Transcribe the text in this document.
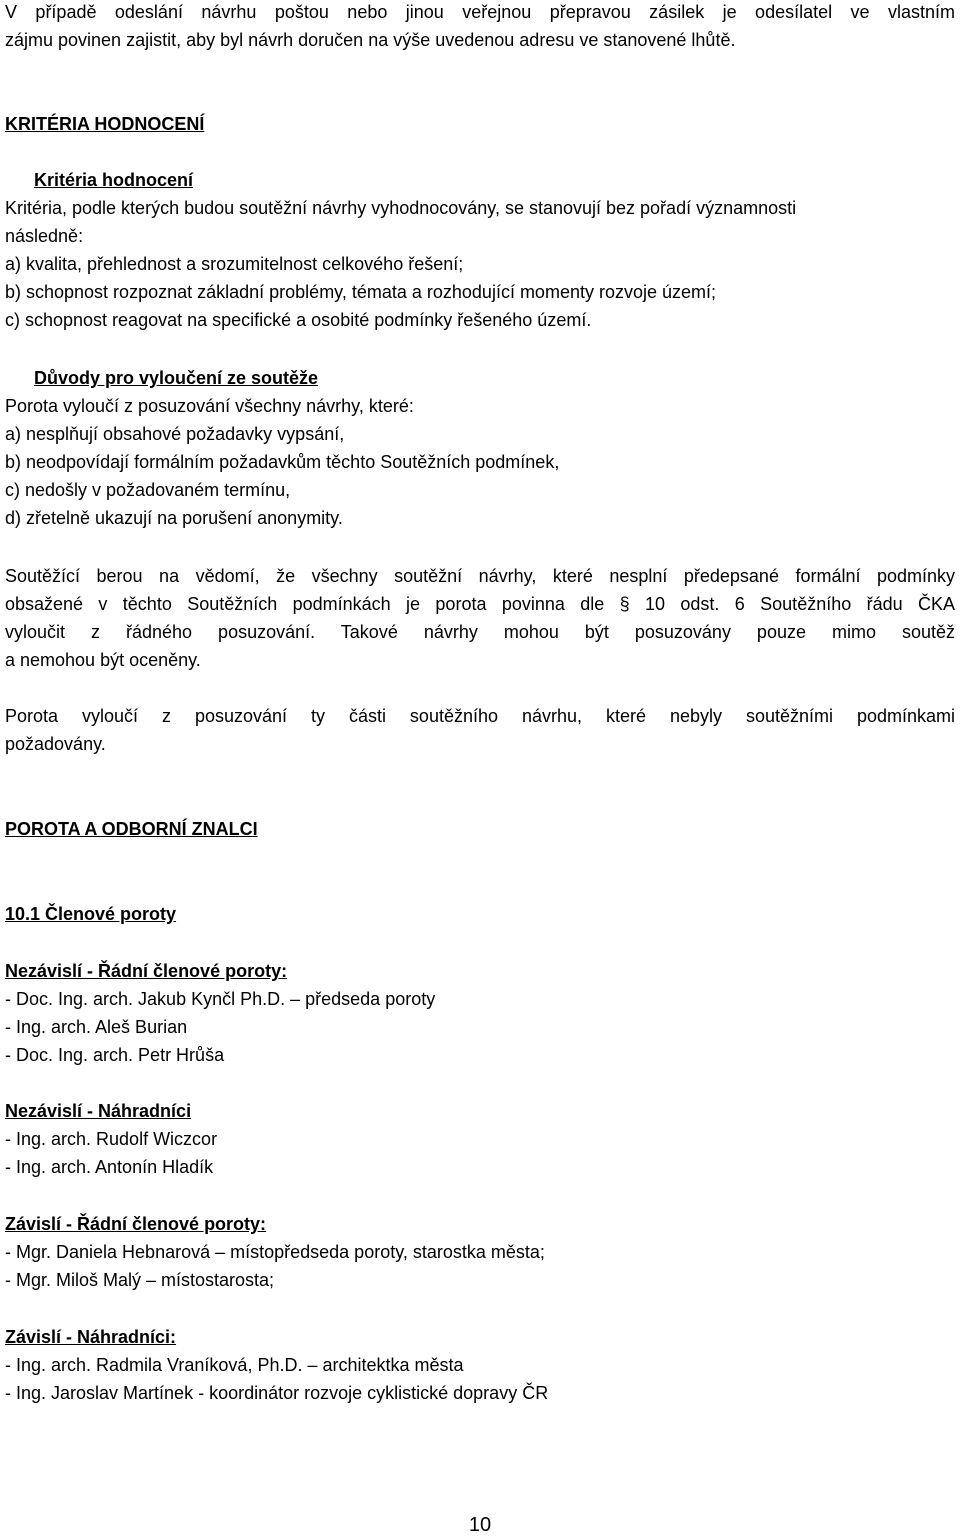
V případě odeslání návrhu poštou nebo jinou veřejnou přepravou zásilek je odesílatel ve vlastním
zájmu povinen zajistit, aby byl návrh doručen na výše uvedenou adresu ve stanovené lhůtě.
KRITÉRIA HODNOCENÍ
Kritéria hodnocení
Kritéria, podle kterých budou soutěžní návrhy vyhodnocovány, se stanovují bez pořadí významnosti
následně:
a) kvalita, přehlednost a srozumitelnost celkového řešení;
b) schopnost rozpoznat základní problémy, témata a rozhodující momenty rozvoje území;
c) schopnost reagovat na specifické a osobité podmínky řešeného území.
Důvody pro vyloučení ze soutěže
Porota vyloučí z posuzování všechny návrhy, které:
a) nesplňují obsahové požadavky vypsání,
b) neodpovídají formálním požadavkům těchto Soutěžních podmínek,
c) nedošly v požadovaném termínu,
d) zřetelně ukazují na porušení anonymity.
Soutěžící berou na vědomí, že všechny soutěžní návrhy, které nesplní předepsané formální podmínky
obsažené v těchto Soutěžních podmínkách je porota povinna dle § 10 odst. 6 Soutěžního řádu ČKA
vyloučit z řádného posuzování. Takové návrhy mohou být posuzovány pouze mimo soutěž
a nemohou být oceněny.
Porota vyloučí z posuzování ty části soutěžního návrhu, které nebyly soutěžními podmínkami
požadovány.
POROTA A ODBORNÍ ZNALCI
10.1 Členové poroty
Nezávislí - Řádní členové poroty:
- Doc. Ing. arch. Jakub Kynčl Ph.D. – předseda poroty
- Ing. arch. Aleš Burian
- Doc. Ing. arch. Petr Hrůša
Nezávislí - Náhradníci
- Ing. arch. Rudolf Wiczcor
- Ing. arch. Antonín Hladík
Závislí - Řádní členové poroty:
- Mgr. Daniela Hebnarová – místopředseda poroty, starostka města;
- Mgr. Miloš Malý – místostarosta;
Závislí - Náhradníci:
- Ing. arch. Radmila Vraníková, Ph.D. – architektka města
- Ing. Jaroslav Martínek - koordinátor rozvoje cyklistické dopravy ČR
10
